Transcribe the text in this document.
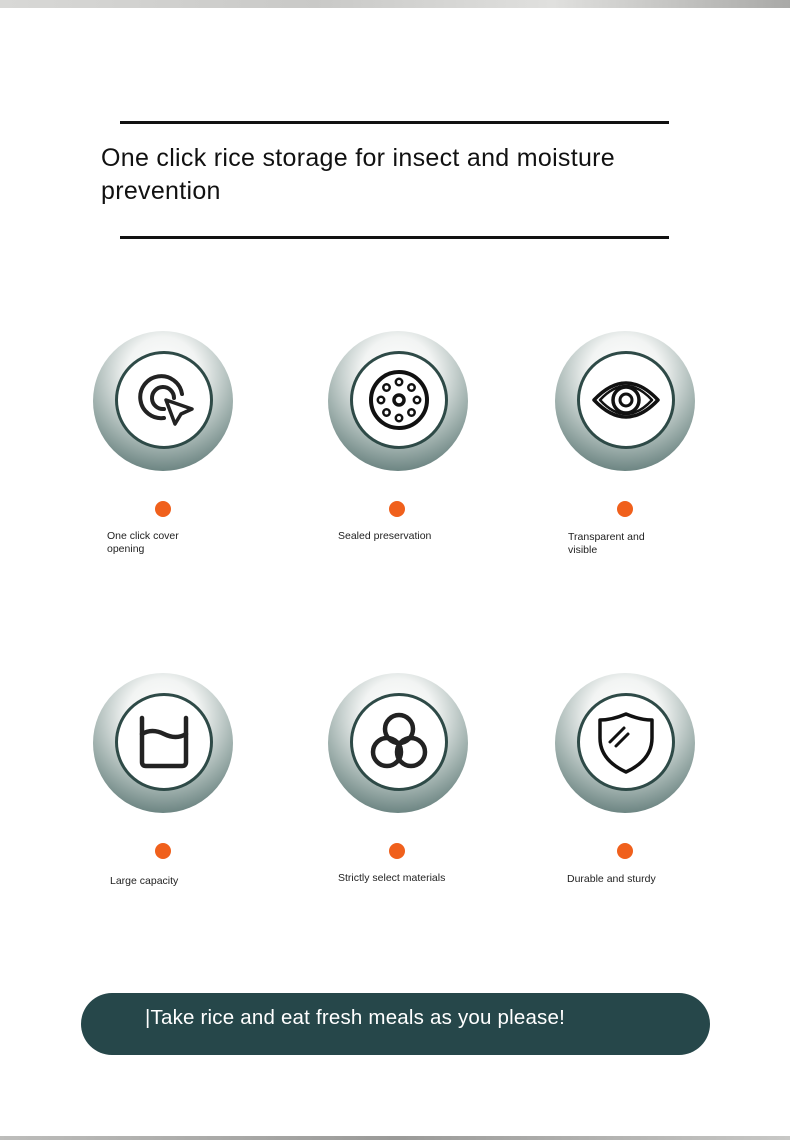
One click rice storage for insect and moisture prevention
One click cover opening
Sealed preservation	Transparent and visible
Large capacity	Strictly select materials	Durable and sturdy
|Take rice and eat fresh meals as you please!
